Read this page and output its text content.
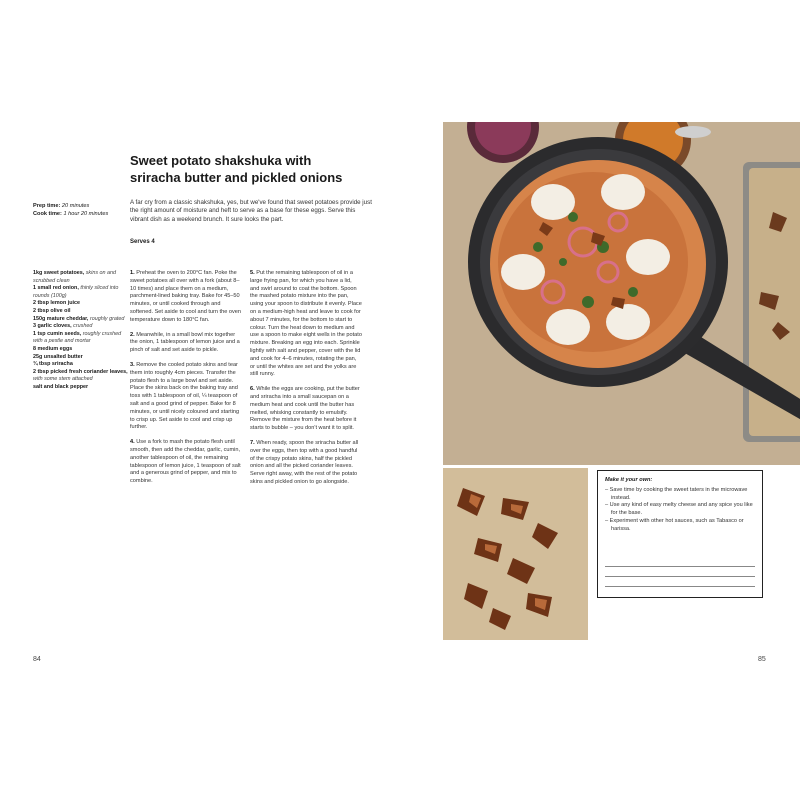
Sweet potato shakshuka with
sriracha butter and pickled onions
Prep time: 20 minutes
Cook time: 1 hour 20 minutes
A far cry from a classic shakshuka, yes, but we've found that sweet potatoes provide just the right amount of moisture and heft to serve as a base for these eggs. Serve this vibrant dish as a weekend brunch. It sure looks the part.
Serves 4
1kg sweet potatoes, skins on and scrubbed clean
1 small red onion, thinly sliced into rounds (100g)
2 tbsp lemon juice
2 tbsp olive oil
150g mature cheddar, roughly grated
3 garlic cloves, crushed
1 tsp cumin seeds, roughly crushed with a pestle and mortar
8 medium eggs
25g unsalted butter
¾ tbsp sriracha
2 tbsp picked fresh coriander leaves, with some stem attached
salt and black pepper

1. Preheat the oven to 200°C fan. Poke the sweet potatoes all over with a fork (about 8–10 times) and place them on a medium, parchment-lined baking tray. Bake for 45–50 minutes, or until cooked through and softened. Set aside to cool and turn the oven temperature down to 180°C fan.

2. Meanwhile, in a small bowl mix together the onion, 1 tablespoon of lemon juice and a pinch of salt and set aside to pickle.

3. Remove the cooled potato skins and tear them into roughly 4cm pieces. Transfer the potato flesh to a large bowl and set aside. Place the skins back on the baking tray and toss with 1 tablespoon of oil, ¼ teaspoon of salt and a good grind of pepper. Bake for 8 minutes, or until nicely coloured and starting to crisp up. Set aside to cool and crisp up further.

4. Use a fork to mash the potato flesh until smooth, then add the cheddar, garlic, cumin, another tablespoon of oil, the remaining tablespoon of lemon juice, 1 teaspoon of salt and a generous grind of pepper, and mix to combine.

5. Put the remaining tablespoon of oil in a large frying pan, for which you have a lid, and swirl around to coat the bottom. Spoon the mashed potato mixture into the pan, using your spoon to distribute it evenly. Place on a medium-high heat and leave to cook for about 7 minutes, for the bottom to start to colour. Turn the heat down to medium and use a spoon to make eight wells in the potato mixture. Breaking an egg into each. Sprinkle lightly with salt and pepper, cover with the lid and cook for 4–6 minutes, rotating the pan, or until the whites are set and the yolks are still runny.

6. While the eggs are cooking, put the butter and sriracha into a small saucepan on a medium heat and cook until the butter has melted, whisking constantly to emulsify. Remove the mixture from the heat before it starts to bubble – you don't want it to split.

7. When ready, spoon the sriracha butter all over the eggs, then top with a good handful of the crispy potato skins, half the pickled onion and all the picked coriander leaves. Serve right away, with the rest of the potato skins and pickled onion to go alongside.

84	85
Make it your own:
– Save time by cooking the sweet taters in the microwave instead.
– Use any kind of easy melty cheese and any spice you like for the base.
– Experiment with other hot sauces, such as Tabasco or harissa.
